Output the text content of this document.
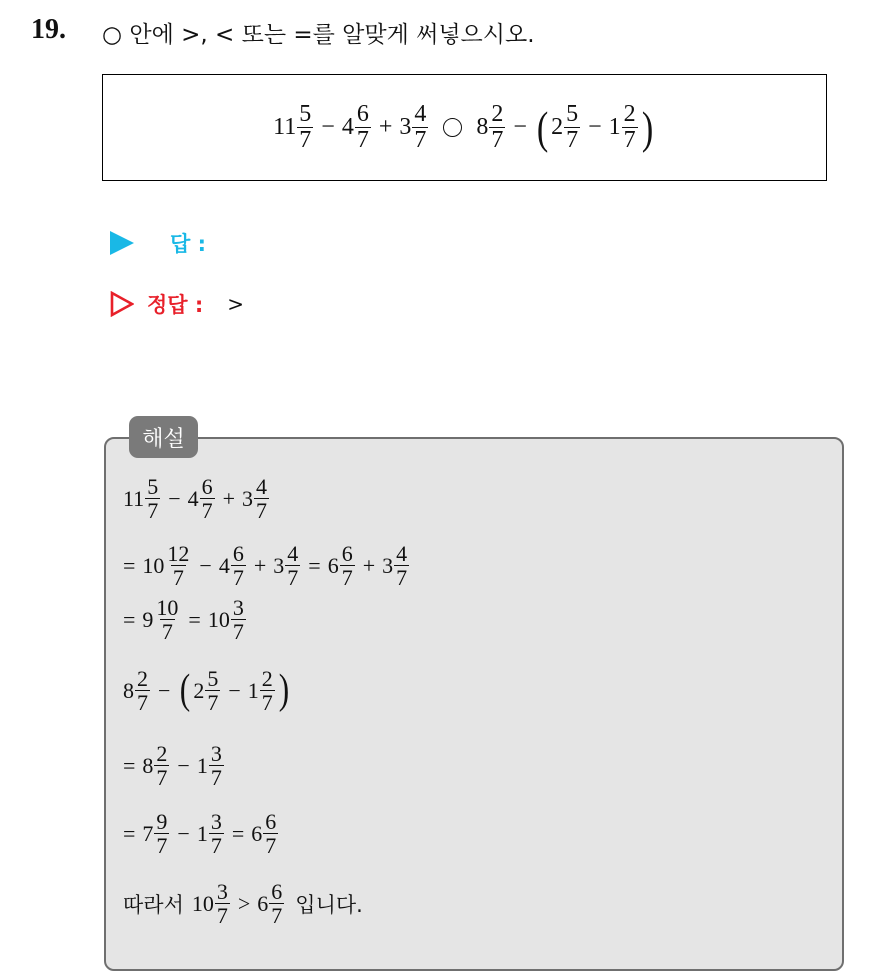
19. ○ 안에 >, < 또는 =를 알맞게 써넣으시오.
$11 \frac{5}{7} - 4 \frac{6}{7} + 3 \frac{4}{7} 8 \frac{2}{7}$ − ( $2 \frac{5}{7} - 1 \frac{2}{7}$ )
답 :
정답 : >
해설
$11 \frac{5}{7} - 4 \frac{6}{7} + 3 \frac{4}{7}$
= $10 \frac{12}{7} - 4 \frac{6}{7} + 3 \frac{4}{7} = 6 \frac{6}{7} + 3 \frac{4}{7}$
= $9 \frac{10}{7} = 10 \frac{3}{7}$
$8 \frac{2}{7}$ − ( $2 \frac{5}{7} - 1 \frac{2}{7}$ )
= $8 \frac{2}{7} - 1 \frac{3}{7}$
= $7 \frac{9}{7} - 1 \frac{3}{7} = 6 \frac{6}{7}$
따라서 $10 \frac{3}{7} > 6 \frac{6}{7}$ 입니다.
